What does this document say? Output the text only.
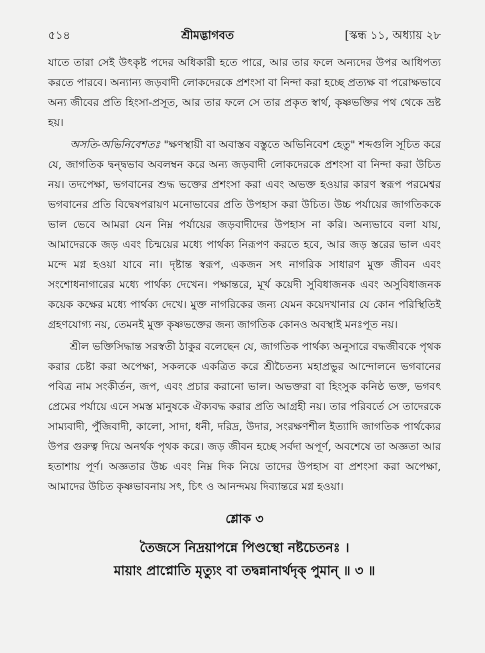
৫১৪	শ্রীমদ্ভাগবত	[স্কন্ধ ১১, অধ্যায় ২৮

যাতে তারা সেই উৎকৃষ্ট পদের অধিকারী হতে পারে, আর তার ফলে অন্যদের উপর আধিপত্য করতে পারবে। অন্যান্য জড়বাদী লোকদেরকে প্রশংসা বা নিন্দা করা হচ্ছে প্রত্যক্ষ বা পরোক্ষভাবে অন্য জীবের প্রতি হিংসা-প্রসূত, আর তার ফলে সে তার প্রকৃত স্বার্থ, কৃষ্ণভক্তির পথ থেকে ভ্রষ্ট হয়।

অসতি-অভিনিবেশতঃ "ক্ষণস্থায়ী বা অবাস্তব বস্তুতে অভিনিবেশ হেতু" শব্দগুলি সূচিত করে যে, জাগতিক দ্বন্দ্বভাব অবলম্বন করে অন্য জড়বাদী লোকদেরকে প্রশংসা বা নিন্দা করা উচিত নয়। তদপেক্ষা, ভগবানের শুদ্ধ ভক্তের প্রশংসা করা এবং অভক্ত হওয়ার কারণ স্বরূপ পরমেশ্বর ভগবানের প্রতি বিদ্বেষপরায়ণ মনোভাবের প্রতি উপহাস করা উচিত। উচ্চ পর্যায়ের জাগতিককে ভাল ভেবে আমরা যেন নিম্ন পর্যায়ের জড়বাদীদের উপহাস না করি। অন্যভাবে বলা যায়, আমাদেরকে জড় এবং চিন্ময়ের মধ্যে পার্থক্য নিরূপণ করতে হবে, আর জড় স্তরের ভাল এবং মন্দে মগ্ন হওয়া যাবে না। দৃষ্টান্ত স্বরূপ, একজন সৎ নাগরিক সাধারণ মুক্ত জীবন এবং সংশোধনাগারের মধ্যে পার্থক্য দেখেন। পক্ষান্তরে, মূর্খ কয়েদী সুবিধাজনক এবং অসুবিধাজনক কয়েক কক্ষের মধ্যে পার্থক্য দেখে। মুক্ত নাগরিকের জন্য যেমন কয়েদখানার যে কোন পরিস্থিতিই গ্রহণযোগ্য নয়, তেমনই মুক্ত কৃষ্ণভক্তের জন্য জাগতিক কোনও অবস্থাই মনঃপূত নয়।

শ্রীল ভক্তিসিদ্ধান্ত সরস্বতী ঠাকুর বলেছেন যে, জাগতিক পার্থক্য অনুসারে বদ্ধজীবকে পৃথক করার চেষ্টা করা অপেক্ষা, সকলকে একত্রিত করে শ্রীচৈতন্য মহাপ্রভুর আন্দোলনে ভগবানের পবিত্র নাম সংকীর্তন, জপ, এবং প্রচার করানো ভাল। অভক্তরা বা হিংসুক কনিষ্ঠ ভক্ত, ভগবৎ প্রেমের পর্যায়ে এনে সমস্ত মানুষকে ঐক্যবদ্ধ করার প্রতি আগ্রহী নয়। তার পরিবর্তে সে তাদেরকে সাম্যবাদী, পুঁজিবাদী, কালো, সাদা, ধনী, দরিদ্র, উদার, সংরক্ষণশীল ইত্যাদি জাগতিক পার্থক্যের উপর গুরুত্ব দিয়ে অনর্থক পৃথক করে। জড় জীবন হচ্ছে সর্বদা অপূর্ণ, অবশেষে তা অজ্ঞতা আর হতাশায় পূর্ণ। অজ্ঞতার উচ্চ এবং নিম্ন দিক নিয়ে তাদের উপহাস বা প্রশংসা করা অপেক্ষা, আমাদের উচিত কৃষ্ণভাবনায় সৎ, চিৎ ও আনন্দময় দিব্যান্তরে মগ্ন হওয়া।

শ্লোক ৩
তৈজসে নিদ্রয়াপন্নে পিণ্ডস্থো নষ্টচেতনঃ ।
মায়াং প্রাপ্নোতি মৃত্যুং বা তদ্বন্নানার্থদৃক্‌ পুমান্‌ ॥ ৩ ॥
